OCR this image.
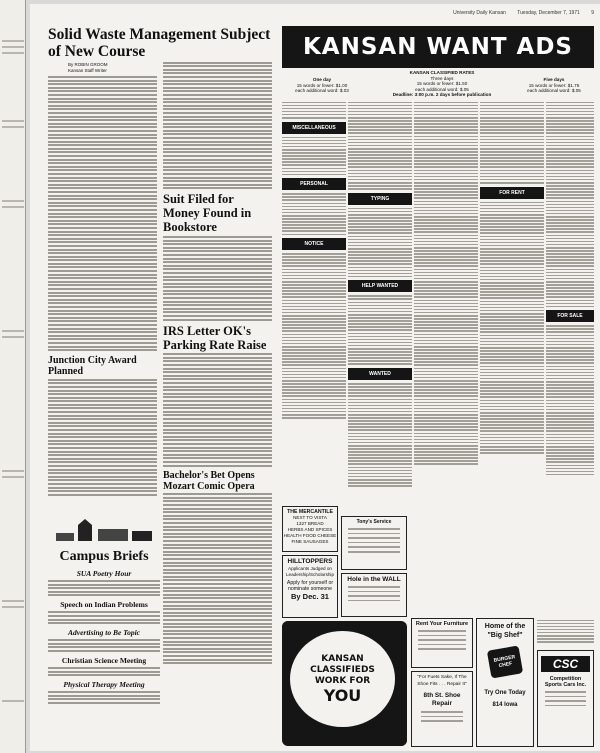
University Daily Kansan Tuesday, December 7, 1971 9
Solid Waste Management Subject of New Course
By ROBIN GROOM
Kansan Staff Writer
Junction City Award Planned
Suit Filed for Money Found in Bookstore
IRS Letter OK's Parking Rate Raise
Bachelor's Bet Opens Mozart Comic Opera
Campus Briefs
SUA Poetry Hour
Speech on Indian Problems
Advertising to Be Topic
Christian Science Meeting
Physical Therapy Meeting
KANSAN WANT ADS
One day
15 words or fewer: $1.00
each additional word: $.03
KANSAN CLASSIFIED RATES
Three days
15 words or fewer: $1.50
each additional word: $.05
Deadline: 3:00 p.m. 2 days before publication
Five days
15 words or fewer: $1.75
each additional word: $.05
MISCELLANEOUS
PERSONAL
NOTICE
TYPING
HELP WANTED
WANTED
FOR RENT
FOR SALE
THE MERCANTILE
NEXT TO VISTA
1327 BREAD
HERBS AND SPICES
HEALTH FOOD CHEESE
FINE SAUSAGES
HILLTOPPERS
Applicants Judged on Leadership/Scholarship
Apply for yourself or nominate someone
By Dec. 31
Tony's Service
Hole in the WALL
KANSAN
CLASSIFIEDS
WORK FOR
YOU
Rent Your Furniture
"For Fuets Sake, If The Shoe Fits . . . Repair It"
8th St. Shoe Repair
Home of the "Big Shef"
BURGER CHEF
Try One Today
814 Iowa
CSC
Competition Sports Cars Inc.
